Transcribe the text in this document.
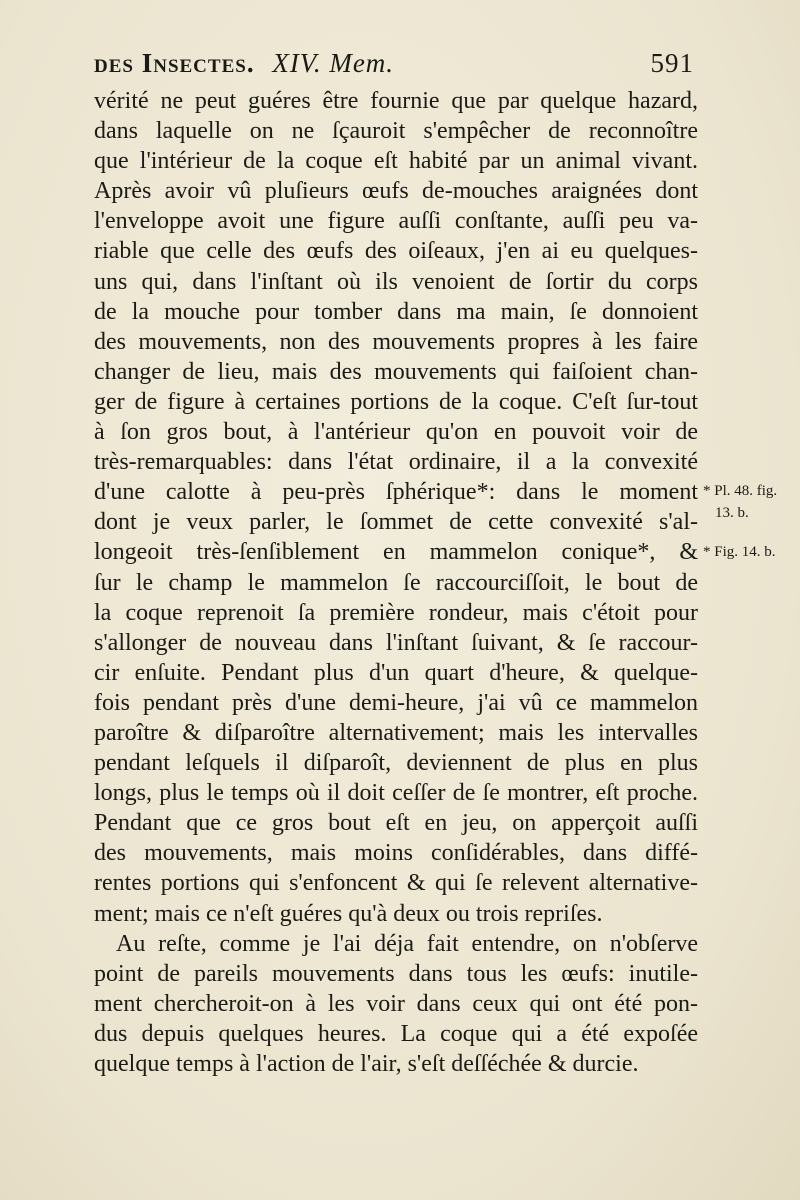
des Insectes. XIV. Mem.	591
vérité ne peut guéres être fournie que par quelque hazard,
dans laquelle on ne ſçauroit s'empêcher de reconnoître
que l'intérieur de la coque eſt habité par un animal vivant.
Après avoir vû pluſieurs œufs de-mouches araignées dont
l'enveloppe avoit une figure auſſi conſtante, auſſi peu va-
riable que celle des œufs des oiſeaux, j'en ai eu quelques-
uns qui, dans l'inſtant où ils venoient de ſortir du corps
de la mouche pour tomber dans ma main, ſe donnoient
des mouvements, non des mouvements propres à les faire
changer de lieu, mais des mouvements qui faiſoient chan-
ger de figure à certaines portions de la coque. C'eſt ſur-tout
à ſon gros bout, à l'antérieur qu'on en pouvoit voir de
très-remarquables: dans l'état ordinaire, il a la convexité
d'une calotte à peu-près ſphérique*: dans le moment
dont je veux parler, le ſommet de cette convexité s'al-
longeoit très-ſenſiblement en mammelon conique*, &
ſur le champ le mammelon ſe raccourciſſoit, le bout de
la coque reprenoit ſa première rondeur, mais c'étoit pour
s'allonger de nouveau dans l'inſtant ſuivant, & ſe raccour-
cir enſuite. Pendant plus d'un quart d'heure, & quelque-
fois pendant près d'une demi-heure, j'ai vû ce mammelon
paroître & diſparoître alternativement; mais les intervalles
pendant leſquels il diſparoît, deviennent de plus en plus
longs, plus le temps où il doit ceſſer de ſe montrer, eſt proche.
Pendant que ce gros bout eſt en jeu, on apperçoit auſſi
des mouvements, mais moins conſidérables, dans diffé-
rentes portions qui s'enfoncent & qui ſe relevent alternative-
ment; mais ce n'eſt guéres qu'à deux ou trois repriſes.
Au reſte, comme je l'ai déja fait entendre, on n'obſerve
point de pareils mouvements dans tous les œufs: inutile-
ment chercheroit-on à les voir dans ceux qui ont été pon-
dus depuis quelques heures. La coque qui a été expoſée
quelque temps à l'action de l'air, s'eſt deſſéchée & durcie.
* Pl. 48. fig.
13. b.
* Fig. 14. b.
